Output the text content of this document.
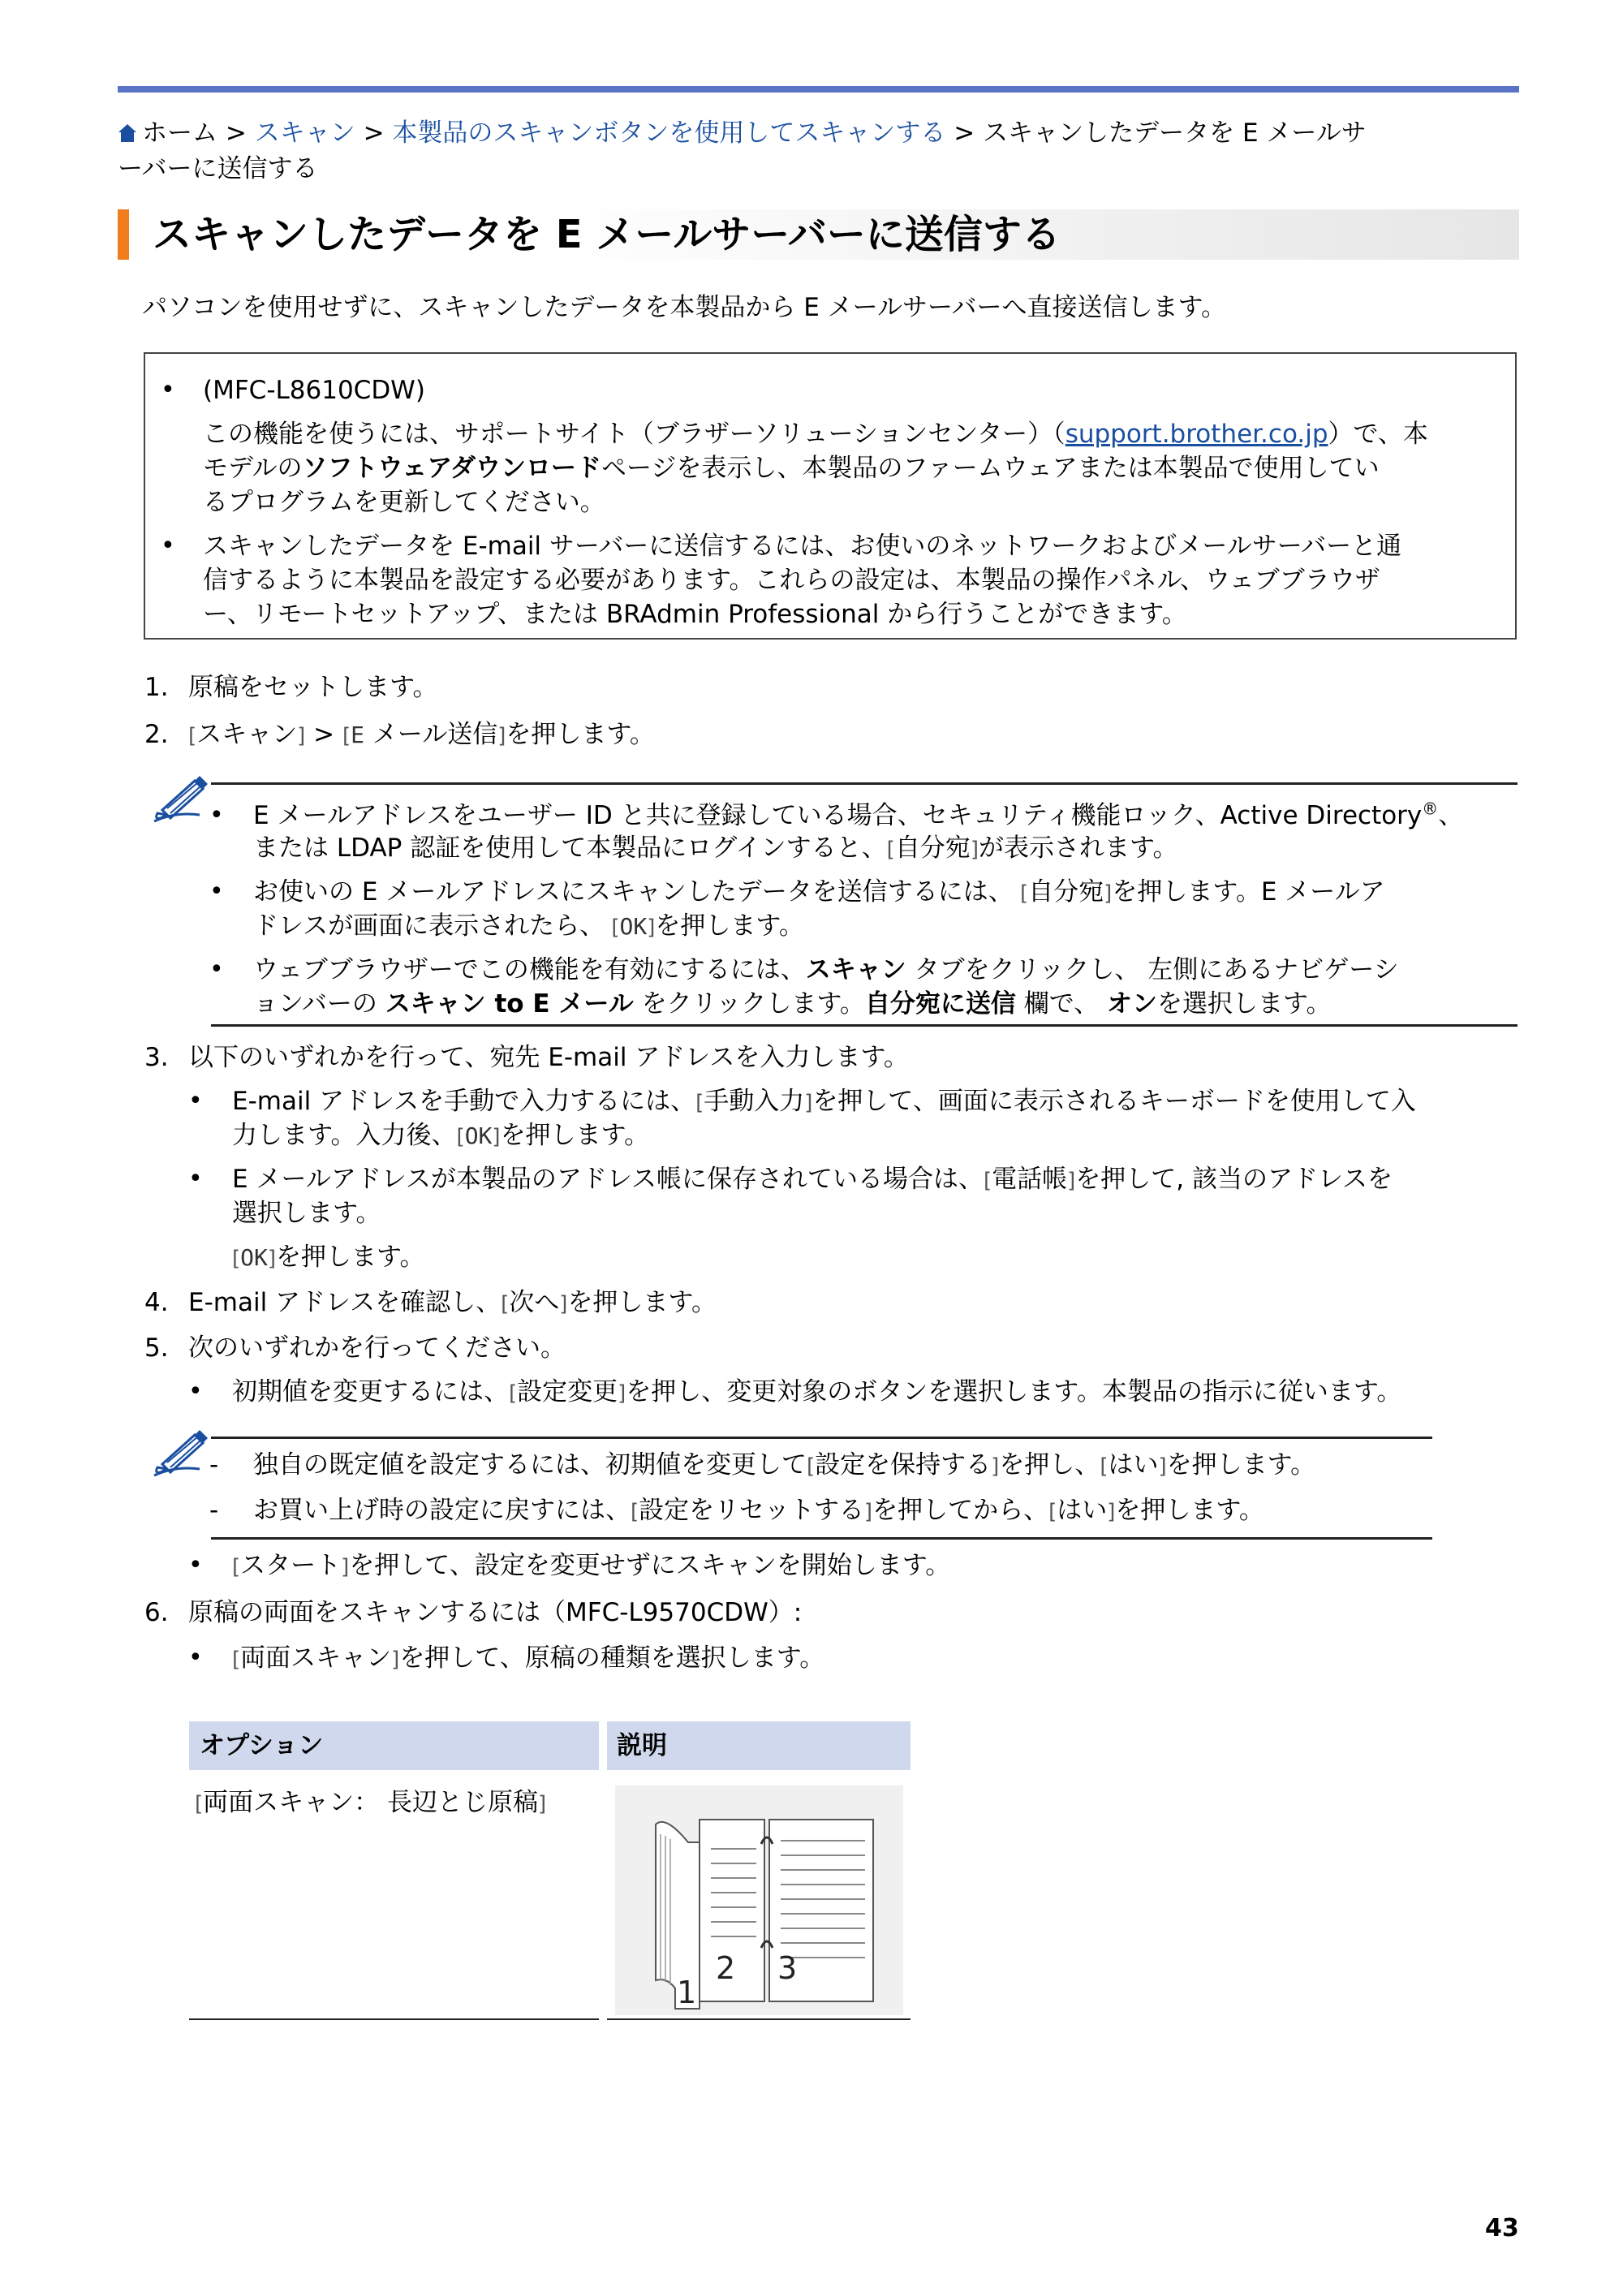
ホーム > スキャン > 本製品のスキャンボタンを使用してスキャンする > スキャンしたデータを E メールサ
ーバーに送信する
スキャンしたデータを E メールサーバーに送信する
パソコンを使用せずに、スキャンしたデータを本製品から E メールサーバーへ直接送信します。
• (MFC-L8610CDW)
この機能を使うには、サポートサイト（ブラザーソリューションセンター）（support.brother.co.jp）で、本
モデルのソフトウェアダウンロードページを表示し、本製品のファームウェアまたは本製品で使用してい
るプログラムを更新してください。
• スキャンしたデータを E-mail サーバーに送信するには、お使いのネットワークおよびメールサーバーと通
信するように本製品を設定する必要があります。これらの設定は、本製品の操作パネル、ウェブブラウザ
ー、リモートセットアップ、または BRAdmin Professional から行うことができます。
1. 原稿をセットします。
2. [スキャン] > [E メール送信]を押します。
• E メールアドレスをユーザー ID と共に登録している場合、セキュリティ機能ロック、Active Directory®、
または LDAP 認証を使用して本製品にログインすると、[自分宛]が表示されます。
• お使いの E メールアドレスにスキャンしたデータを送信するには、 [自分宛]を押します。E メールア
ドレスが画面に表示されたら、 [OK]を押します。
• ウェブブラウザーでこの機能を有効にするには、スキャン タブをクリックし、 左側にあるナビゲーシ
ョンバーの スキャン to E メール をクリックします。自分宛に送信 欄で、 オンを選択します。
3. 以下のいずれかを行って、宛先 E-mail アドレスを入力します。
• E-mail アドレスを手動で入力するには、[手動入力]を押して、画面に表示されるキーボードを使用して入
力します。入力後、[OK]を押します。
• E メールアドレスが本製品のアドレス帳に保存されている場合は、[電話帳]を押して, 該当のアドレスを
選択します。
[OK]を押します。
4. E-mail アドレスを確認し、[次へ]を押します。
5. 次のいずれかを行ってください。
• 初期値を変更するには、[設定変更]を押し、変更対象のボタンを選択します。本製品の指示に従います。
- 独自の既定値を設定するには、初期値を変更して[設定を保持する]を押し、[はい]を押します。
- お買い上げ時の設定に戻すには、[設定をリセットする]を押してから、[はい]を押します。
• [スタート]を押して、設定を変更せずにスキャンを開始します。
6. 原稿の両面をスキャンするには（MFC-L9570CDW）:
• [両面スキャン]を押して、原稿の種類を選択します。
オプション	説明
[両面スキャン： 長辺とじ原稿]
1
2 3
43
